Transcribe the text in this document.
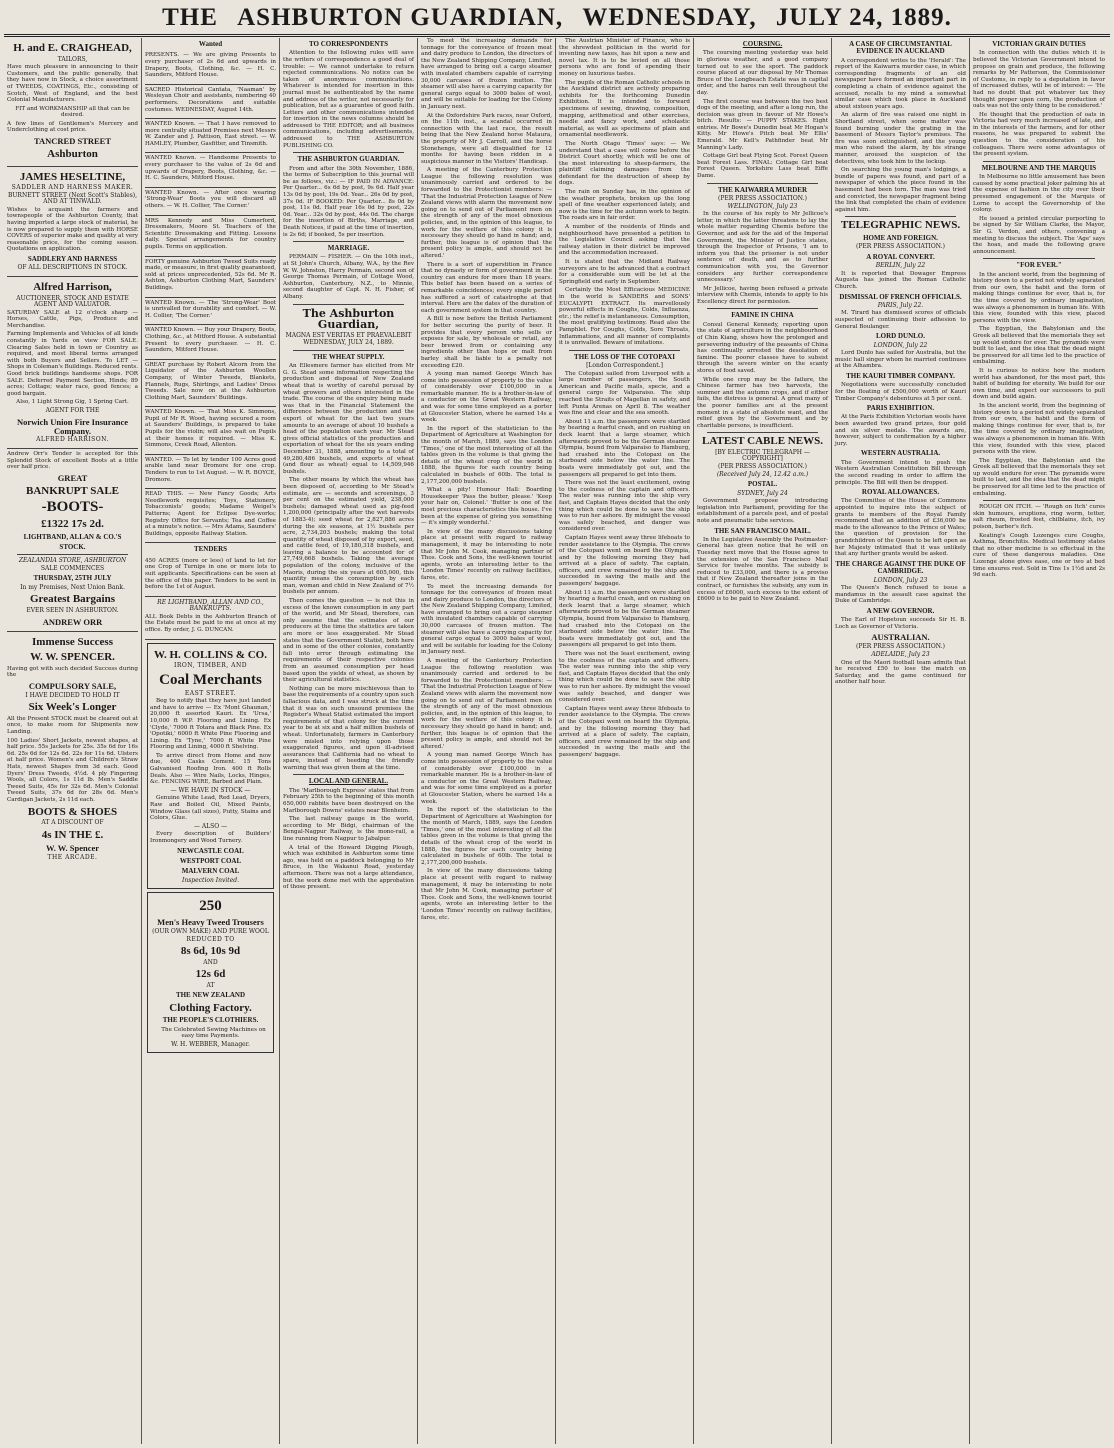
THE ASHBURTON GUARDIAN, WEDNESDAY, JULY 24, 1889.
H. and E. CRAIGHEAD,
TAILORS,

Have much pleasure in announcing to their Customers, and the public generally, that they have now in Stock, a choice assortment of TWEEDS, COATINGS, Etc., consisting of Scotch, West of England, and the best Colonial Manufacturers.

FIT and WORKMANSHIP all that can be desired.

A few lines of Gentlemen's Mercery and Underclothing at cost price.

TANCRED STREET
Ashburton
JAMES HESELTINE,
SADDLER AND HARNESS MAKER.
BURNETT STREET (Next Scott's Stables), AND AT TINWALD.

Wishes to acquaint the farmers and townspeople of the Ashburton County, that having imported a large stock of material, he is now prepared to supply them with HORSE COVERS of superior make and quality at very reasonable price, for the coming season. Quotations on application.

SADDLERY AND HARNESS
OF ALL DESCRIPTIONS IN STOCK.
Alfred Harrison,
AUCTIONEER, STOCK AND ESTATE AGENT AND VALUATOR.

SATURDAY SALE at 12 o'clock sharp — Horses, Cattle, Pigs, Produce and Merchandise.

Farming Implements and Vehicles of all kinds constantly in Yards on view FOR SALE. Clearing Sales held in town or Country as required, and most liberal terms arranged with both Buyers and Sellers. To LET — Shops in Coleman's Buildings. Reduced rents. Good brick buildings handsome shops. FOR SALE. Deferred Payment Section, Hinds; 89 acres; Cottage; water race, good fences; a good bargain.

Also, 1 Light Strong Gig, 1 Spring Cart.

AGENT FOR THE
Norwich Union Fire Insurance Company.
ALFRED HARRISON.

Andrew Orr's Tender is accepted for this Splendid Stock of excellent Boots at a little over half price.

GREAT
BANKRUPT SALE
-BOOTS-
£1322 17s 2d.
LIGHTBAND, ALLAN & CO.'S
STOCK.
ZEALANDIA STORE, ASHBURTON
SALE COMMENCES
THURSDAY, 25TH JULY
In my Premises, Next Union Bank.
Greatest Bargains
EVER SEEN IN ASHBURTON.
ANDREW ORR
Immense Success
W. W. SPENCER.

Having got with such decided Success during the

COMPULSORY SALE,
I HAVE DECIDED TO HOLD IT
Six Week's Longer

All the Present STOCK must be cleared out at once, to make room for Shipments now Landing.

100 Ladies' Short Jackets, newest shapes, at half price. 55s Jackets for 25s. 35s 6d for 16s 6d. 25s 6d for 12s 6d. 22s for 11s 6d. Ulsters at half price. Women's and Children's Straw Hats, newest Shapes from 3d each. Good Dyers' Dress Tweeds, 4½d. 4 ply Fingering Wools, all Colors, 1s 11d lb. Men's Saddle Tweed Suits, 45s for 32s 6d. Men's Colonial Tweed Suits, 37s 6d for 28s 6d. Men's Cardigan Jackets, 2s 11d each.

BOOTS & SHOES
AT A DISCOUNT OF
4s IN THE £.
W. W. Spencer
THE ARCADE.
Wanted

PRESENTS. — We are giving Presents to every purchaser of 2s 6d and upwards in Drapery, Boots, Clothing, &c. — H. C. Saunders, Mitford House.

SACRED Historical Cantata, 'Naaman' by Wesleyan Choir and assistants, numbering 40 performers. Decorations and suitable costumes. WEDNESDAY, August 14th.

WANTED Known. — That I have removed to more centrally situated Premises next Messrs W. Zander and J. Pattison, East street. — W. HAMLEY, Plumber, Gasfitter, and Tinsmith.

WANTED Known. — Handsome Presents to every purchaser to the value of 2s 6d and upwards of Drapery, Boots, Clothing, &c. — H. C. Saunders, Mitford House.

WANTED Known. — After once wearing 'Strong-Wear' Boots you will discard all others. — W. H. Collier, 'The Corner.'

MRS Kennedy and Miss Cumerford, Dressmakers, Moore St. Teachers of the Scientific Dressmaking and Fitting. Lessons daily. Special arrangements for country pupils. Terms on application.

FORTY genuine Ashburton Tweed Suits ready made, or measure, in first quality guaranteed, sold at prices unprecedented, 52s 6d. Mr R. Ashton, Ashburton Clothing Mart, Saunders' Buildings.

WANTED Known. — The 'Strong-Wear' Boot is unrivalled for durability and comfort. — W. H. Collier, 'The Corner.'

WANTED Known. — Buy your Drapery, Boots, Clothing, &c., at Mitford House. A substantial Present to every purchaser. — H. C. Saunders, Mitford House.

GREAT purchase by Robert Alcorn from the Liquidator of the Ashburton Woollen Company, of Winter Tweeds, Blankets, Flannels, Rugs, Shirtings, and Ladies' Dress Tweeds. Sale now on at the Ashburton Clothing Mart, Saunders' Buildings.

WANTED Known. — That Miss K. Simmons, Pupil of Mr R. Wood, having secured a room at Saunders' Buildings, is prepared to take Pupils for the violin; will also wait on Pupils at their homes if required. — Miss K. Simmons, Creek Road, Allenton.

WANTED. — To let by tender 100 Acres good arable land near Dromore for one crop. Tenders to run to 1st August. — W. R. BOYCE, Dromore.

READ THIS. — New Fancy Goods; Arts Needlework requisites; Toys, Stationery, Tobacconists' goods; Madame Weigel's Patterns; Agent for Eclipse Dye-works; Registry Office for Servants; Tea and Coffee at a minute's notice. — Mrs Adams, Saunders' Buildings, opposite Railway Station.

TENDERS

450 ACRES (more or less) of land to let for one Crop of Turnips in one or more lots to suit applicants. Specifications can be seen at the office of this paper. Tenders to be sent in before the 1st of August.

RE LIGHTBAND, ALLAN AND CO., BANKRUPTS.

ALL Book Debts in the Ashburton Branch of the Estate must be paid to me at once at my office. By order, J. G. DUNCAN.

W. H. COLLINS & CO.
IRON, TIMBER, AND
Coal Merchants
EAST STREET.

Beg to notify that they have just landed and have to arrive — Ex 'Mont Ghaunan,' 20,000 ft assorted Kauri. Ex 'Ursa,' 10,000 ft W.P. Flooring and Lining. Ex 'Clyde,' 7000 ft Totara and Black Pine. Ex 'Opotiki,' 6000 ft White Pine Flooring and Lining. Ex 'Tyne,' 7000 ft White Pine Flooring and Lining, 4000 ft Shelving.

To arrive direct from Home and now due, 400 Casks Cement. 15 Tons Galvanised Roofing Iron. 400 ft Rolls Deals. Also — Wire Nails, Locks, Hinges, &c. FENCING WIRE, Barbed and Plain.

— WE HAVE IN STOCK —

Genuine White Lead, Red Lead, Dryers, Raw and Boiled Oil, Mixed Paints, Window Glass (all sizes), Putty, Stains and Colors, Glue.

— ALSO —

Every description of Builders' Ironmongery and Wood Turnery.

NEWCASTLE COAL
WESTPORT COAL
MALVERN COAL
Inspection Invited.
250
Men's Heavy Tweed Trousers
(OUR OWN MAKE) AND PURE WOOL
REDUCED TO
8s 6d, 10s 9d
AND
12s 6d
AT
THE NEW ZEALAND
Clothing Factory.
THE PEOPLE'S CLOTHIERS.

The Celebrated Sewing Machines on easy time Payments.

W. H. WEBBER, Manager.
TO CORRESPONDENTS

Attention to the following rules will save the writers of correspondence a good deal of trouble: — We cannot undertake to return rejected communications. No notice can be taken of anonymous communications. Whatever is intended for insertion in this journal must be authenticated by the name and address of the writer, not necessarily for publication, but as a guarantee of good faith. Letters and other communications intended for insertion in the news columns should be addressed to THE EDITOR; and all business communications, including advertisements, addressed to THE ASHBURTON PUBLISHING CO.

THE ASHBURTON GUARDIAN.

From and after the 30th November, 1886, the terms of Subscription to this journal will be as follows, viz.: — IF PAID IN ADVANCE: Per Quarter... 6s 6d by post, 9s 6d. Half year 13s 0d by post, 19s 0d. Year... 26s 0d by post, 37s 0d. IF BOOKED: Per Quarter... 8s 0d by post, 11s 0d. Half year 16s 0d by post, 22s 0d. Year... 32s 0d by post, 44s 0d. The charge for the insertion of Births, Marriage, and Death Notices, if paid at the time of insertion, is 2s 6d; if booked, 5s per insertion.

MARRIAGE.

PERMAIN — FISHER. — On the 10th inst., at St John's Church, Albany, W.A., by the Rev W. W. Johnston, Harry Permain, second son of George Thomas Permain, of Cottage Wood, Ashburton, Canterbury, N.Z., to Minnie, second daughter of Capt. N. H. Fisher, of Albany.

The Ashburton Guardian,
MAGNA EST VERITAS ET PRAEVALEBIT
WEDNESDAY, JULY 24, 1889.
THE WHEAT SUPPLY.

An Ellesmere farmer has elicited from Mr G. G. Stead some information respecting the production and disposal of New Zealand wheat that is worthy of careful perusal by wheat growers and others interested in the trade. The course of the enquiry being made was that in the Financial Statement the difference between the production and the export of wheat for the last two years amounts to an average of about 10 bushels a head of the population each year. Mr Stead gives official statistics of the production and exportation of wheat for the six years ending December 31, 1888, amounting to a total of 49,280,486 bushels, and exports of wheat (and flour as wheat) equal to 14,509,946 bushels.

The other means by which the wheat has been disposed of, according to Mr Stead's estimate, are — seconds and screenings, 3 per cent on the estimated yield, 238,000 bushels; damaged wheat used as pig-feed 1,200,000 (principally after the wet harvests of 1883-4); seed wheat for 2,827,886 acres during the six seasons, at 1½ bushels per acre, 2,734,203 bushels; making the total quantity of wheat disposed of by export, seed, and cattle feed, of 19,180,318 bushels, and leaving a balance to be accounted for of 27,749,668 bushels. Taking the average population of the colony, inclusive of the Maoris, during the six years at 605,000, this quantity means the consumption by each man, woman and child in New Zealand of 7½ bushels per annum.

Then comes the question — is not this in excess of the known consumption in any part of the world, and Mr Stead, therefore, can only assume that the estimates of our producers at the time the statistics are taken are more or less exaggerated. Mr Stead states that the Government Statist, both here and in some of the other colonies, constantly fall into error through estimating the requirements of their respective colonies from an assumed consumption per head based upon the yields of wheat, as shown by their agricultural statistics.

Nothing can be more mischievous than to base the requirements of a country upon such fallacious data, and I was struck at the time that it was on such unsound premises the Register's Wheat Statist estimated the import requirements of that colony for the current year to be at six and a half million bushels of wheat. Unfortunately, farmers in Canterbury were misled into relying upon those exaggerated figures, and upon ill-advised assurances that California had no wheat to spare, instead of heeding the friendly warning that was given them at the time.

LOCAL AND GENERAL.

The 'Marlborough Express' states that from February 25th to the beginning of this month 650,000 rabbits have been destroyed on the Marlborough Downs' estates near Blenheim.

The last railway gauge in the world, according to Mr Bidgi, chairman of the Bengal-Nagpur Railway, is the mono-rail, a line running from Nagpur to Jabalpur.

A trial of the Howard Digging Plough, which was exhibited in Ashburton some time ago, was held on a paddock belonging to Mr Bruce, in the Wakanui Road, yesterday afternoon. There was not a large attendance, but the work done met with the approbation of those present.

To meet the increasing demands for tonnage for the conveyance of frozen meat and dairy produce to London, the directors of the New Zealand Shipping Company, Limited, have arranged to bring out a cargo steamer with insulated chambers capable of carrying 30,000 carcases of frozen mutton. The steamer will also have a carrying capacity for general cargo equal to 3000 bales of wool, and will be suitable for loading for the Colony in January next.

At the Oxfordshire Park races, near Oxford, on the 11th inst., a scandal occurred in connection with the last race, the result being that the New Zealand horse Mataura, the property of Mr J. Carroll, and the horse Stonehenge, were all disqualified for 12 months for having been ridden in a suspicious manner in the Visitors' Handicap.

A meeting of the Canterbury Protection League the following resolution was unanimously carried and ordered to be forwarded to the Protectionist members: — 'That the Industrial Protection League of New Zealand views with alarm the movement now going on to send out of Parliament men on the strength of any of the most obnoxious policies, and, in the opinion of this league, to work for the welfare of this colony it is necessary they should go hand in hand; and, further, this league is of opinion that the present policy is ample, and should not be altered.'

There is a sort of superstition in France that no dynasty or form of government in the country can endure for more than 18 years. This belief has been based on a series of remarkable coincidences; every single period has suffered a sort of catastrophe at that interval. Here are the dates of the duration of each government system in that country.

A Bill is now before the British Parliament for better securing the purity of beer. It provides that every person who sells or exposes for sale, by wholesale or retail, any beer brewed from or containing any ingredients other than hops or malt from barley shall be liable to a penalty not exceeding £20.

A young man named George Winch has come into possession of property to the value of considerably over £100,000 in a remarkable manner. He is a brother-in-law of a conductor on the Great Western Railway, and was for some time employed as a porter at Gloucester Station, where he earned 14s a week.

In the report of the statistician to the Department of Agriculture at Washington for the month of March, 1889, says the London 'Times,' one of the most interesting of all the tables given in the volume is that giving the details of the wheat crop of the world in 1888, the figures for each country being calculated in bushels of 60lb. The total is 2,177,200,000 bushels.

What a pity! Humour Hall: Boarding Housekeeper 'Pass the butter, please.' 'Keep your hair on, Colonel.' 'Butter is one of the most precious characteristics this house. I've been at the expense of giving you something — it's simply wonderful.'

In view of the many discussions taking place at present with regard to railway management, it may be interesting to note that Mr John M. Cook, managing partner of Thos. Cook and Sons, the well-known tourist agents, wrote an interesting letter to the 'London Times' recently on railway facilities, fares, etc.

To meet the increasing demands for tonnage for the conveyance of frozen meat and dairy produce to London, the directors of the New Zealand Shipping Company, Limited, have arranged to bring out a cargo steamer with insulated chambers capable of carrying 30,000 carcases of frozen mutton. The steamer will also have a carrying capacity for general cargo equal to 3000 bales of wool, and will be suitable for loading for the Colony in January next.

A meeting of the Canterbury Protection League the following resolution was unanimously carried and ordered to be forwarded to the Protectionist members: — 'That the Industrial Protection League of New Zealand views with alarm the movement now going on to send out of Parliament men on the strength of any of the most obnoxious policies, and, in the opinion of this league, to work for the welfare of this colony it is necessary they should go hand in hand; and, further, this league is of opinion that the present policy is ample, and should not be altered.'

A young man named George Winch has come into possession of property to the value of considerably over £100,000 in a remarkable manner. He is a brother-in-law of a conductor on the Great Western Railway, and was for some time employed as a porter at Gloucester Station, where he earned 14s a week.

In the report of the statistician to the Department of Agriculture at Washington for the month of March, 1889, says the London 'Times,' one of the most interesting of all the tables given in the volume is that giving the details of the wheat crop of the world in 1888, the figures for each country being calculated in bushels of 60lb. The total is 2,177,200,000 bushels.

In view of the many discussions taking place at present with regard to railway management, it may be interesting to note that Mr John M. Cook, managing partner of Thos. Cook and Sons, the well-known tourist agents, wrote an interesting letter to the 'London Times' recently on railway facilities, fares, etc.

The Austrian Minister of Finance, who is the shrewdest politician in the world for inventing new taxes, has hit upon a new and novel tax. It is to be levied on all those persons who are fond of spending their money on luxurious tastes.

The pupils of the Roman Catholic schools in the Auckland district are actively preparing exhibits for the forthcoming Dunedin Exhibition. It is intended to forward specimens of sewing, drawing, composition, mapping, arithmetical and other exercises, needle and fancy work, and scholastic material, as well as specimens of plain and ornamental needlework.

The North Otago 'Times' says: — We understand that a case will come before the District Court shortly, which will be one of the most interesting to sheep-farmers, the plaintiff claiming damages from the defendant for the destruction of sheep by dogs.

The rain on Sunday has, in the opinion of the weather prophets, broken up the long spell of fine weather experienced lately, and now is the time for the autumn work to begin. The roads are in fair order.

A number of the residents of Hinds and neighbourhood have presented a petition to the Legislative Council asking that the railway station in their district be improved and the accommodation increased.

It is stated that the Midland Railway surveyors are to be advanced that a contract for a considerable sum will be let at the Springfield end early in September.

Certainly the Most Efficacious MEDICINE in the world is SANDERS and SONS' EUCALYPTI EXTRACT. Its marvellously powerful effects in Coughs, Colds, Influenza, etc.; the relief is instantaneous. Consumption, the most gratifying testimony. Read also the Pamphlet. For Coughs, Colds, Sore Throats, Inflammations, and all manner of complaints it is unrivalled. Beware of imitations.

THE LOSS OF THE COTOPAXI
[London Correspondent.]

The Cotopaxi sailed from Liverpool with a large number of passengers, the South American and Pacific mails, specie, and a general cargo for Valparaiso. The ship reached the Straits of Magellan in safety, and left Punta Arenas on April 8. The weather was fine and clear and the sea smooth.

About 11 a.m. the passengers were startled by hearing a fearful crash, and on rushing on deck learnt that a large steamer, which afterwards proved to be the German steamer Olympia, bound from Valparaiso to Hamburg, had crashed into the Cotopaxi on the starboard side below the water line. The boats were immediately got out, and the passengers all prepared to get into them.

There was not the least excitement, owing to the coolness of the captain and officers. The water was running into the ship very fast, and Captain Hayes decided that the only thing which could be done to save the ship was to run her ashore. By midnight the vessel was safely beached, and danger was considered over.

Captain Hayes went away three lifeboats to render assistance to the Olympia. The crews of the Cotopaxi went on board the Olympia, and by the following morning they had arrived at a place of safety. The captain, officers, and crew remained by the ship and succeeded in saving the mails and the passengers' baggage.

About 11 a.m. the passengers were startled by hearing a fearful crash, and on rushing on deck learnt that a large steamer, which afterwards proved to be the German steamer Olympia, bound from Valparaiso to Hamburg, had crashed into the Cotopaxi on the starboard side below the water line. The boats were immediately got out, and the passengers all prepared to get into them.

There was not the least excitement, owing to the coolness of the captain and officers. The water was running into the ship very fast, and Captain Hayes decided that the only thing which could be done to save the ship was to run her ashore. By midnight the vessel was safely beached, and danger was considered over.

Captain Hayes went away three lifeboats to render assistance to the Olympia. The crews of the Cotopaxi went on board the Olympia, and by the following morning they had arrived at a place of safety. The captain, officers, and crew remained by the ship and succeeded in saving the mails and the passengers' baggage.

COURSING.

The coursing meeting yesterday was held in glorious weather, and a good company turned out to see the sport. The paddock course placed at our disposal by Mr Thomas Bruce of the Longbeach Estate was in capital order, and the hares ran well throughout the day.

The first course was between the two best dogs of the meeting, and after a long run, the decision was given in favour of Mr Howe's bitch. Results: — PUPPY STAKES. Eight entries. Mr Bowe's Dunedin beat Mr Hogan's Kitty. Mr Howe's Pitch beat Mr Ellis' Emerald. Mr Kell's Pathfinder beat Mr Manning's Lady.

Cottage Girl beat Flying Scot. Forest Queen beat Forest Lass. FINAL: Cottage Girl beat Forest Queen. Yorkshire Lass beat Eiffe Dame.

THE KAIWARRA MURDER
(PER PRESS ASSOCIATION.)
WELLINGTON, July 23

In the course of his reply to Mr Jellicoe's letter, in which the latter threatens to lay the whole matter regarding Chemis before the Governor, and ask for the aid of the Imperial Government, the Minister of Justice states, through the Inspector of Prisons, 'I am to inform you that the prisoner is not under sentence of death, and as to further communication with you, the Governor considers any further correspondence unnecessary.'

Mr Jellicoe, having been refused a private interview with Chemis, intends to apply to his Excellency direct for permission.

FAMINE IN CHINA

Consul General Kennedy, reporting upon the state of agriculture in the neighbourhood of Chin Kiang, shows how the prolonged and persevering industry of the peasants of China has continually arrested the desolation of famine. The poorer classes have to subsist through the severe winter on the scanty stores of food saved.

While one crop may be the failure, the Chinese farmer has two harvests, the summer and the autumn crops, and if either fails, the distress is general. A great many of the poorer families are at the present moment in a state of absolute want, and the relief given by the Government and by charitable persons, is insufficient.

LATEST CABLE NEWS.
[BY ELECTRIC TELEGRAPH — COPYRIGHT]
(PER PRESS ASSOCIATION.)
(Received July 24, 12.42 a.m.)
POSTAL.
SYDNEY, July 24

Government propose introducing legislation into Parliament, providing for the establishment of a parcels post, and of postal note and pneumatic tube services.

THE SAN FRANCISCO MAIL.

In the Legislative Assembly the Postmaster-General has given notice that he will on Tuesday next move that the House agree to the extension of the San Francisco Mail Service for twelve months. The subsidy is reduced to £33,000, and there is a proviso that if New Zealand thereafter joins in the contract, or furnishes the subsidy, any sum in excess of £6000, such excess to the extent of £6000 is to be paid to New Zealand.

A CASE OF CIRCUMSTANTIAL EVIDENCE IN AUCKLAND

A correspondent writes to the 'Herald': The report of the Kaiwarra murder case, in which corresponding fragments of an old newspaper have formed an important part in completing a chain of evidence against the accused, recalls to my mind a somewhat similar case which took place in Auckland about sixteen years ago.

An alarm of fire was raised one night in Shortland street, when some matter was found burning under the grating in the basement of Messrs Taylor's premises. The fire was soon extinguished, and the young man who raised the alarm, by his strange manner, aroused the suspicion of the detectives, who took him to the lockup.

On searching the young man's lodgings, a bundle of papers was found, and part of a newspaper of which the piece found in the basement had been torn. The man was tried and convicted, the newspaper fragment being the link that completed the chain of evidence against him.

TELEGRAPHIC NEWS.
HOME AND FOREIGN.
(PER PRESS ASSOCIATION.)
A ROYAL CONVERT.
BERLIN, July 22

It is reported that Dowager Empress Augusta has joined the Roman Catholic Church.

DISMISSAL OF FRENCH OFFICIALS.
PARIS, July 22.

M. Tirard has dismissed scores of officials suspected of continuing their adhesion to General Boulanger.

LORD DUNLO.
LONDON, July 22

Lord Dunlo has sailed for Australia, but the music hall singer whom he married continues at the Alhambra.

THE KAURI TIMBER COMPANY.

Negotiations were successfully concluded for the floating of £500,000 worth of Kauri Timber Company's debentures at 5 per cent.

PARIS EXHIBITION.

At the Paris Exhibition Victorian wools have been awarded two grand prizes, four gold and six silver medals. The awards are, however, subject to confirmation by a higher jury.

WESTERN AUSTRALIA.

The Government intend to push the Western Australian Constitution Bill through the second reading in order to affirm the principle. The Bill will then be dropped.

ROYAL ALLOWANCES.

The Committee of the House of Commons appointed to inquire into the subject of grants to members of the Royal Family recommend that an addition of £36,000 be made to the allowance to the Prince of Wales; the question of provision for the grandchildren of the Queen to be left open as her Majesty intimated that it was unlikely that any further grants would be asked.

THE CHARGE AGAINST THE DUKE OF CAMBRIDGE.
LONDON, July 23

The Queen's Bench refused to issue a mandamus in the assault case against the Duke of Cambridge.

A NEW GOVERNOR.

The Earl of Hopetoun succeeds Sir H. B. Loch as Governor of Victoria.

AUSTRALIAN.
(PER PRESS ASSOCIATION.)
ADELAIDE, July 23

One of the Maori football team admits that he received £50 to lose the match on Saturday, and the game continued for another half hour.

VICTORIAN GRAIN DUTIES

In connection with the duties which it is believed the Victorian Government intend to propose on grain and produce, the following remarks by Mr Patterson, the Commissioner of Customs, in reply to a deputation in favor of increased duties, will be of interest: — 'He had no doubt that put whatever tax they thought proper upon corn, the production of oats was not the only thing to be considered.'

He thought that the production of oats in Victoria had very much increased of late, and in the interests of the farmers, and for other reasons, he was prepared to submit the question to the consideration of his colleagues. There were some advantages of the present system.

MELBOURNE AND THE MARQUIS

In Melbourne no little amusement has been caused by some practical joker palming his at the expense of fashion in the city over their presumed engagement of the Marquis of Lorne to accept the Governorship of the colony.

He issued a printed circular purporting to be signed by Sir William Clarke, the Mayor, Sir G. Verdon, and others, convening a meeting to discuss the subject. The 'Age' says the hoax, and made the following grave announcement.

"FOR EVER."

In the ancient world, from the beginning of history down to a period not widely separated from our own, the habit and the form of making things continue for ever, that is, for the time covered by ordinary imagination, was always a phenomenon in human life. With this view, founded with this view, placed persons with the view.

The Egyptian, the Babylonian and the Greek all believed that the memorials they set up would endure for ever. The pyramids were built to last, and the idea that the dead might be preserved for all time led to the practice of embalming.

It is curious to notice how the modern world has abandoned, for the most part, this habit of building for eternity. We build for our own time, and expect our successors to pull down and build again.

In the ancient world, from the beginning of history down to a period not widely separated from our own, the habit and the form of making things continue for ever, that is, for the time covered by ordinary imagination, was always a phenomenon in human life. With this view, founded with this view, placed persons with the view.

The Egyptian, the Babylonian and the Greek all believed that the memorials they set up would endure for ever. The pyramids were built to last, and the idea that the dead might be preserved for all time led to the practice of embalming.

ROUGH ON ITCH. — 'Rough on Itch' cures skin humours, eruptions, ring worm, tetter, salt rheum, frosted feet, chilblains, itch, ivy poison, barber's itch.

Keating's Cough Lozenges cure Coughs, Asthma, Bronchitis. Medical testimony states that no other medicine is so effectual in the cure of these dangerous maladies. One Lozenge alone gives ease, one or two at bed time ensures rest. Sold in Tins 1s 1½d and 2s 9d each.
